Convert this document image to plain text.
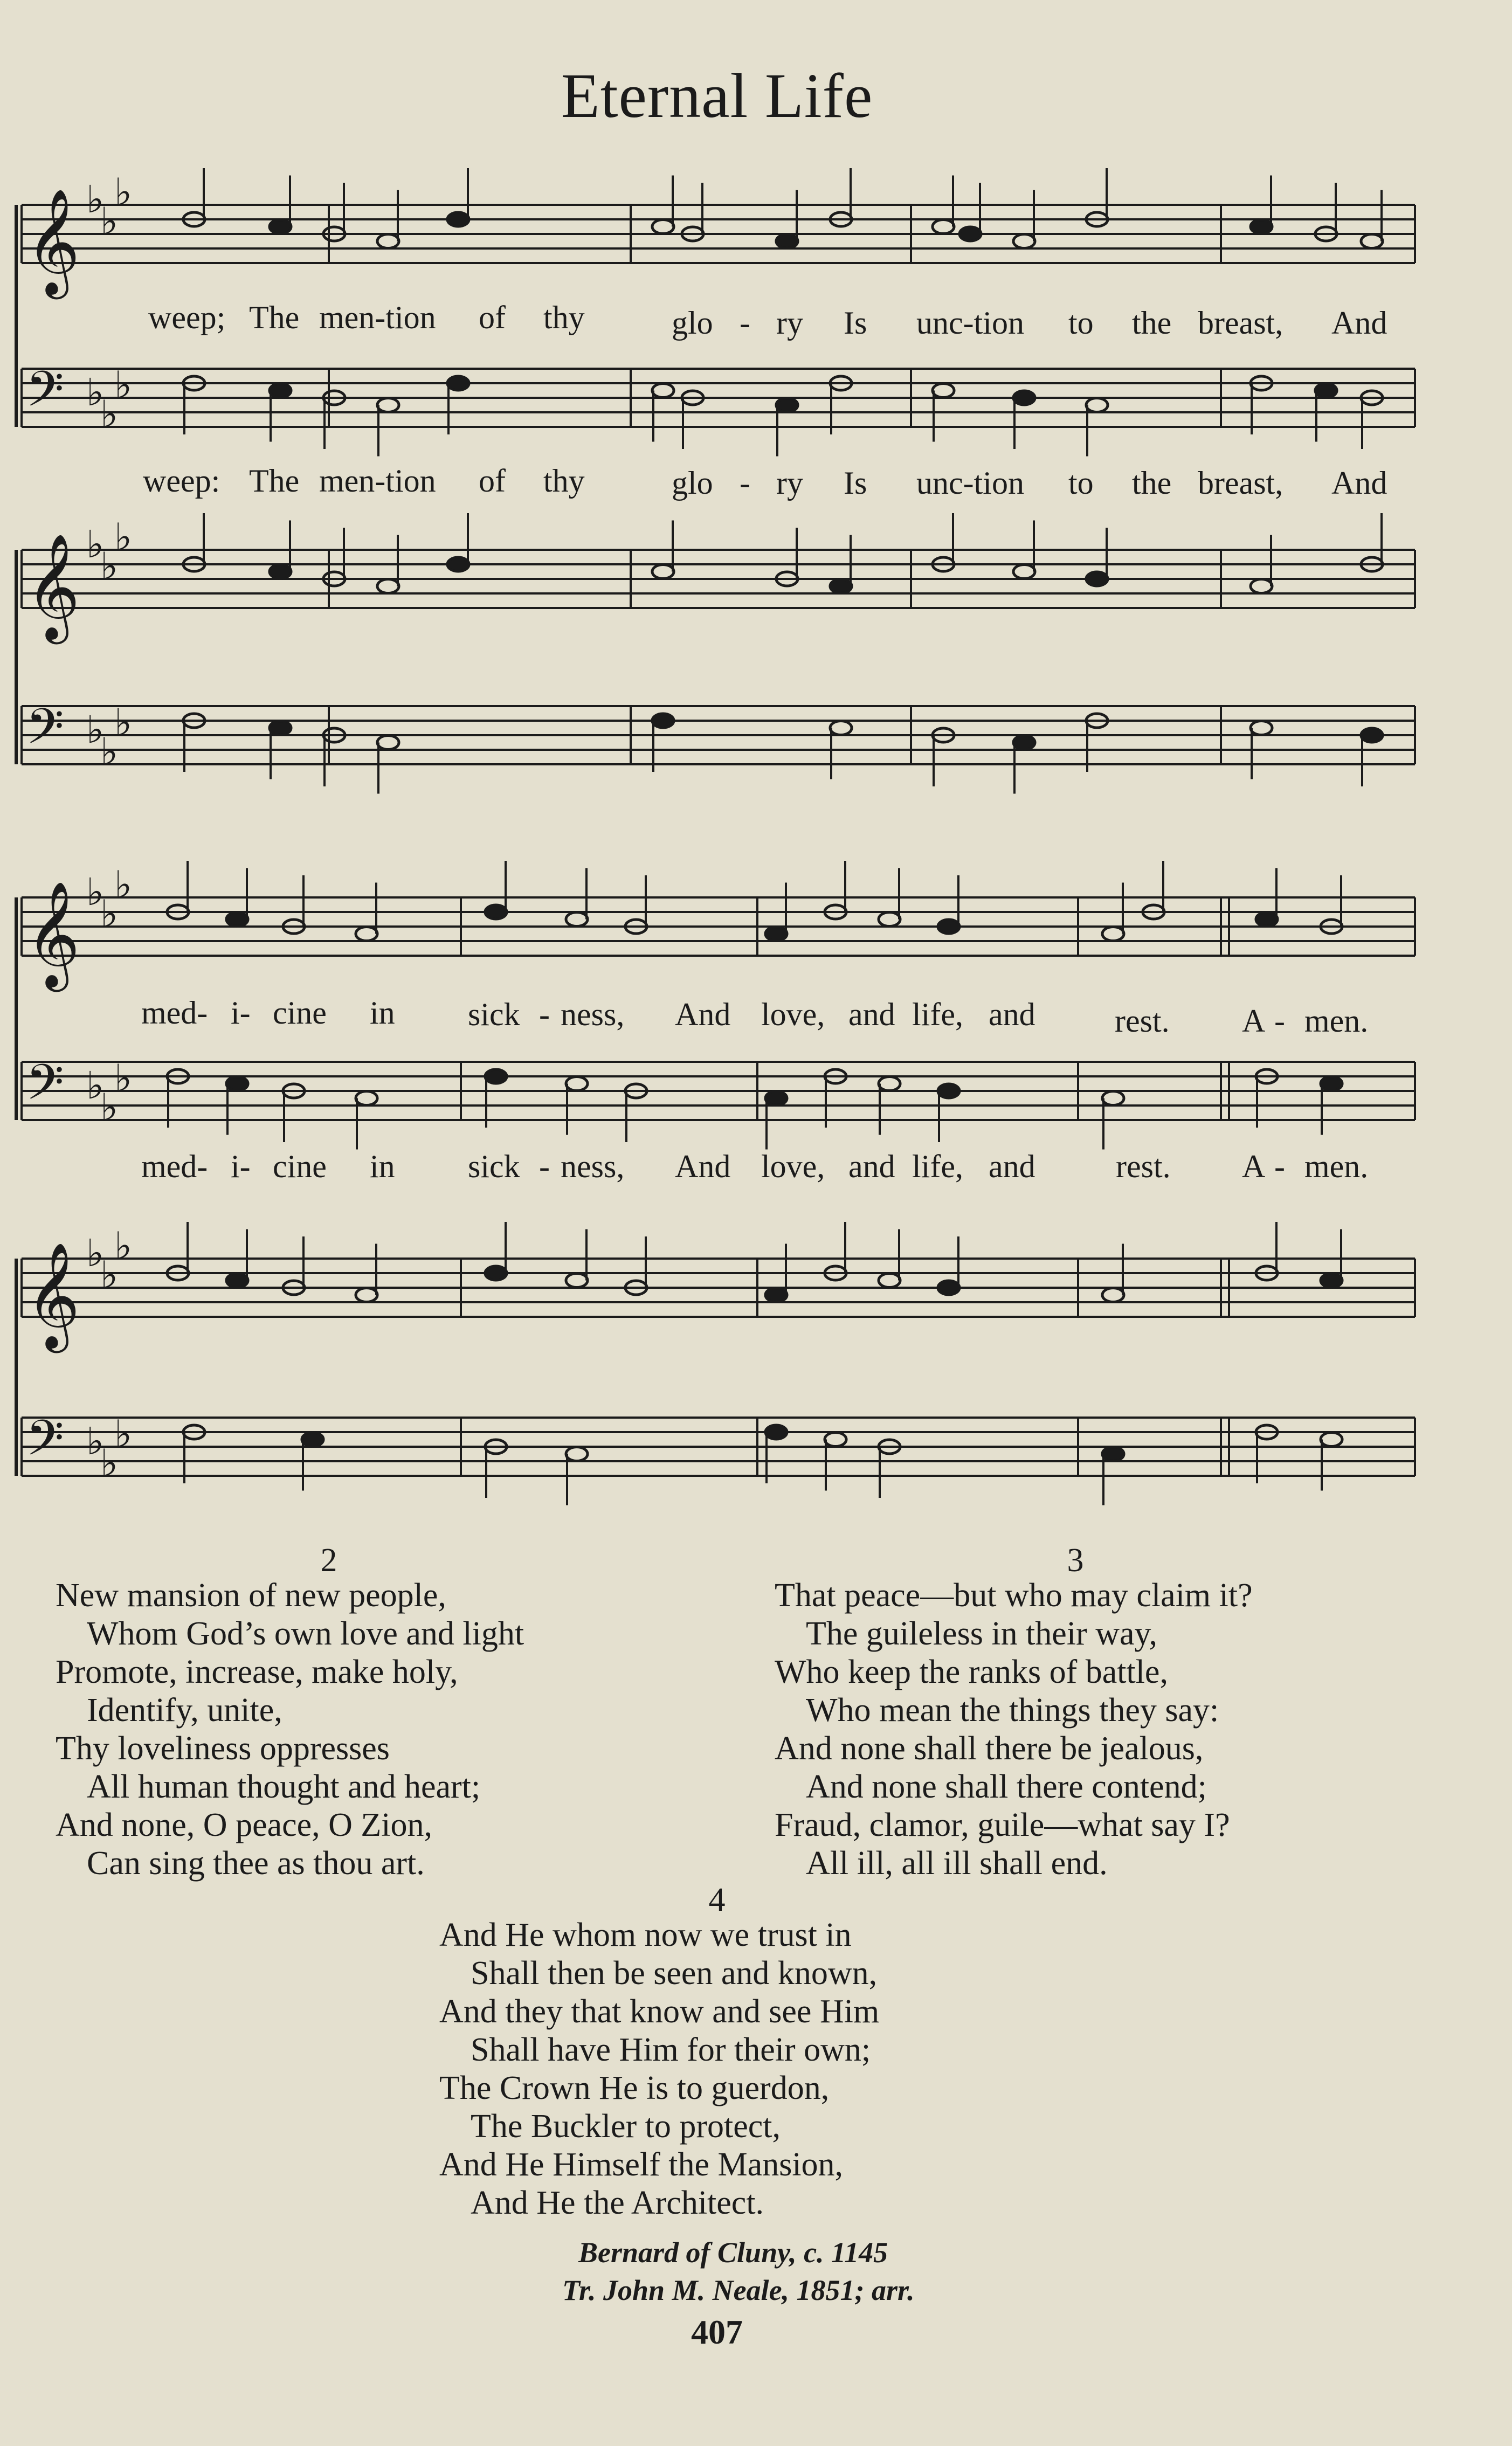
Eternal Life
𝄞 ♭
♭
♭
𝄢 ♭
♭
♭
𝄞 ♭
♭
♭
𝄢 ♭
♭
♭
𝄞 ♭
♭
♭
𝄢 ♭
♭
♭
𝄞 ♭
♭
♭
𝄢 ♭
♭
♭
weep; The men-tion of thy	glo - ry Is unc-tion to the breast, And
weep: The men-tion of thy	glo - ry Is unc-tion to the breast, And
med- i- cine in sick - ness, And love, and life, and rest. A - men.
med- i- cine in sick - ness, And love, and life, and rest. A - men.
2	3
4
New mansion of new people,
Whom God’s own love and light
Promote, increase, make holy,
Identify, unite,
Thy loveliness oppresses
All human thought and heart;
And none, O peace, O Zion,
Can sing thee as thou art.
That peace—but who may claim it?
The guileless in their way,
Who keep the ranks of battle,
Who mean the things they say:
And none shall there be jealous,
And none shall there contend;
Fraud, clamor, guile—what say I?
All ill, all ill shall end.
And He whom now we trust in
Shall then be seen and known,
And they that know and see Him
Shall have Him for their own;
The Crown He is to guerdon,
The Buckler to protect,
And He Himself the Mansion,
And He the Architect.
Bernard of Cluny, c. 1145
Tr. John M. Neale, 1851; arr.
407
